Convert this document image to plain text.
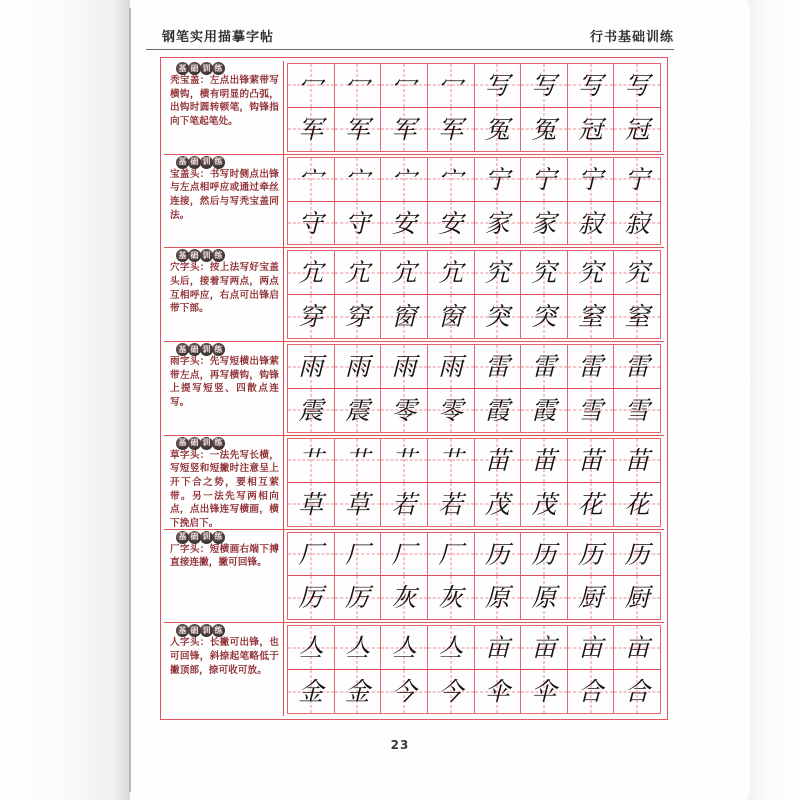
钢笔实用描摹字帖	行书基础训练
基 础 训 练
秃宝盖：左点出锋萦带写横钩，横有明显的凸弧，出钩时圆转顿笔，钩锋指向下笔起笔处。
冖 冖 冖 冖 写 写 写 写
军 军 军 军 冤 冤 冠 冠
基 础 训 练
宝盖头：书写时侧点出锋与左点相呼应或通过牵丝连接，然后与写秃宝盖同法。
宀 宀 宀 宀 宁 宁 宁 宁
守 守 安 安 家 家 寂 寂
基 础 训 练
穴字头：按上法写好宝盖头后，接着写两点，两点互相呼应，右点可出锋启带下部。
宂 宂 宂 宂 究 究 究 究
穿 穿 窗 窗 突 突 窒 窒
基 础 训 练
雨字头：先写短横出锋萦带左点，再写横钩，钩锋上提写短竖、四散点连写。
雨 雨 雨 雨 雷 雷 雷 雷
震 震 零 零 霞 霞 雪 雪
基 础 训 练
草字头：一法先写长横，写短竖和短撇时注意呈上开下合之势，要相互萦带。另一法先写两相向点，点出锋连写横画，横下挽启下。
艹 艹 艹 艹 苗 苗 苗 苗
草 草 若 若 茂 茂 花 花
基 础 训 练
厂字头：短横画右端下搏直接连撇，撇可回锋。	厂 厂 厂 厂 历 历 历 历
厉 厉 灰 灰 原 原 厨 厨
基 础 训 练
人字头：长撇可出锋，也可回锋，斜捺起笔略低于撇顶部，捺可收可放。
亼 亼 亼 亼 亩 亩 亩 亩
金 金 今 今 伞 伞 合 合
23
